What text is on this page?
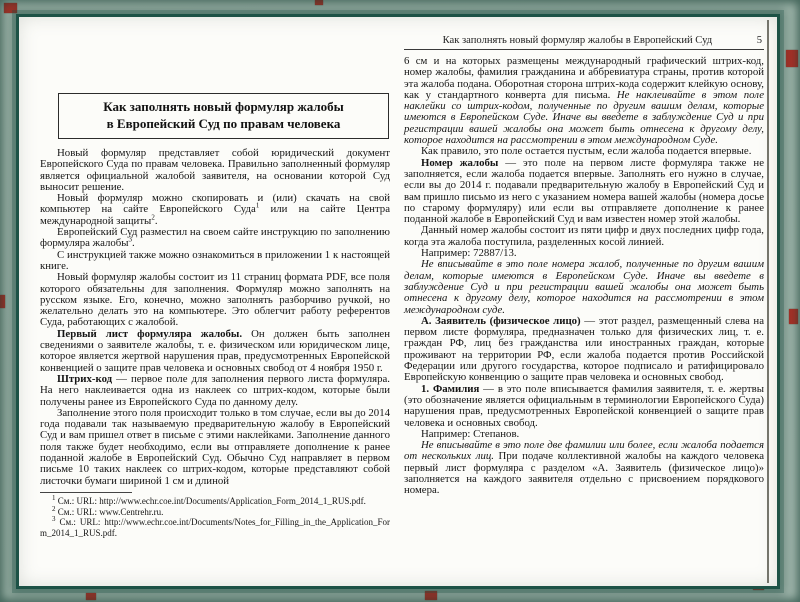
Как заполнять новый формуляр жалобы
в Европейский Суд по правам человека

Новый формуляр представляет собой юридический документ Европейского Суда по правам человека. Правильно заполненный формуляр является официальной жалобой заявителя, на основании которой Суд выносит решение.

Новый формуляр можно скопировать и (или) скачать на свой компьютер на сайте Европейского Суда$^1$ или на сайте Центра международной защиты$^2$.

Европейский Суд разместил на своем сайте инструкцию по заполнению формуляра жалобы$^3$.

С инструкцией также можно ознакомиться в приложении 1 к настоящей книге.

Новый формуляр жалобы состоит из 11 страниц формата PDF, все поля которого обязательны для заполнения. Формуляр можно заполнять на русском языке. Его, конечно, можно заполнять разборчиво ручкой, но желательно делать это на компьютере. Это облегчит работу референтов Суда, работающих с жалобой.

Первый лист формуляра жалобы. Он должен быть заполнен сведениями о заявителе жалобы, т. е. физическом или юридическом лице, которое является жертвой нарушения прав, предусмотренных Европейской конвенцией о защите прав человека и основных свобод от 4 ноября 1950 г.

Штрих-код — первое поле для заполнения первого листа формуляра. На него наклеивается одна из наклеек со штрих-кодом, которые были получены ранее из Европейского Суда по данному делу.

Заполнение этого поля происходит только в том случае, если вы до 2014 года подавали так называемую предварительную жалобу в Европейский Суд и вам пришел ответ в письме с этими наклейками. Заполнение данного поля также будет необходимо, если вы отправляете дополнение к ранее поданной жалобе в Европейский Суд. Обычно Суд направляет в первом письме 10 таких наклеек со штрих-кодом, которые представляют собой листочки бумаги шириной 1 см и длиной

$^1$ См.: URL: http://www.echr.coe.int/Documents/Application_Form_2014_1_RUS.pdf.

$^2$ См.: URL: www.Centrehr.ru.

$^3$ См.: URL: http://www.echr.coe.int/Documents/Notes_for_Filling_in_the_Application_Form_2014_1_RUS.pdf.

Как заполнять новый формуляр жалобы в Европейский Суд	5

6 см и на которых размещены международный графический штрих-код, номер жалобы, фамилия гражданина и аббревиатура страны, против которой эта жалоба подана. Оборотная сторона штрих-кода содержит клейкую основу, как у стандартного конверта для письма. Не наклеивайте в этом поле наклейки со штрих-кодом, полученные по другим вашим делам, которые имеются в Европейском Суде. Иначе вы введете в заблуждение Суд и при регистрации вашей жалобы она может быть отнесена к другому делу, которое находится на рассмотрении в этом международном Суде.

Как правило, это поле остается пустым, если жалоба подается впервые.

Номер жалобы — это поле на первом листе формуляра также не заполняется, если жалоба подается впервые. Заполнять его нужно в случае, если вы до 2014 г. подавали предварительную жалобу в Европейский Суд и вам пришло письмо из него с указанием номера вашей жалобы (номера досье по старому формуляру) или если вы отправляете дополнение к ранее поданной жалобе в Европейский Суд и вам известен номер этой жалобы.

Данный номер жалобы состоит из пяти цифр и двух последних цифр года, когда эта жалоба поступила, разделенных косой линией.

Например: 72887/13.

Не вписывайте в это поле номера жалоб, полученные по другим вашим делам, которые имеются в Европейском Суде. Иначе вы введете в заблуждение Суд и при регистрации вашей жалобы она может быть отнесена к другому делу, которое находится на рассмотрении в этом международном суде.

А. Заявитель (физическое лицо) — этот раздел, размещенный слева на первом листе формуляра, предназначен только для физических лиц, т. е. граждан РФ, лиц без гражданства или иностранных граждан, которые проживают на территории РФ, если жалоба подается против Российской Федерации или другого государства, которое подписало и ратифицировало Европейскую конвенцию о защите прав человека и основных свобод.

1. Фамилия — в это поле вписывается фамилия заявителя, т. е. жертвы (это обозначение является официальным в терминологии Европейского Суда) нарушения прав, предусмотренных Европейской конвенцией о защите прав человека и основных свобод.

Например: Степанов.

Не вписывайте в это поле две фамилии или более, если жалоба подается от нескольких лиц. При подаче коллективной жалобы на каждого человека первый лист формуляра с разделом «А. Заявитель (физическое лицо)» заполняется на каждого заявителя отдельно с присвоением порядкового номера.
